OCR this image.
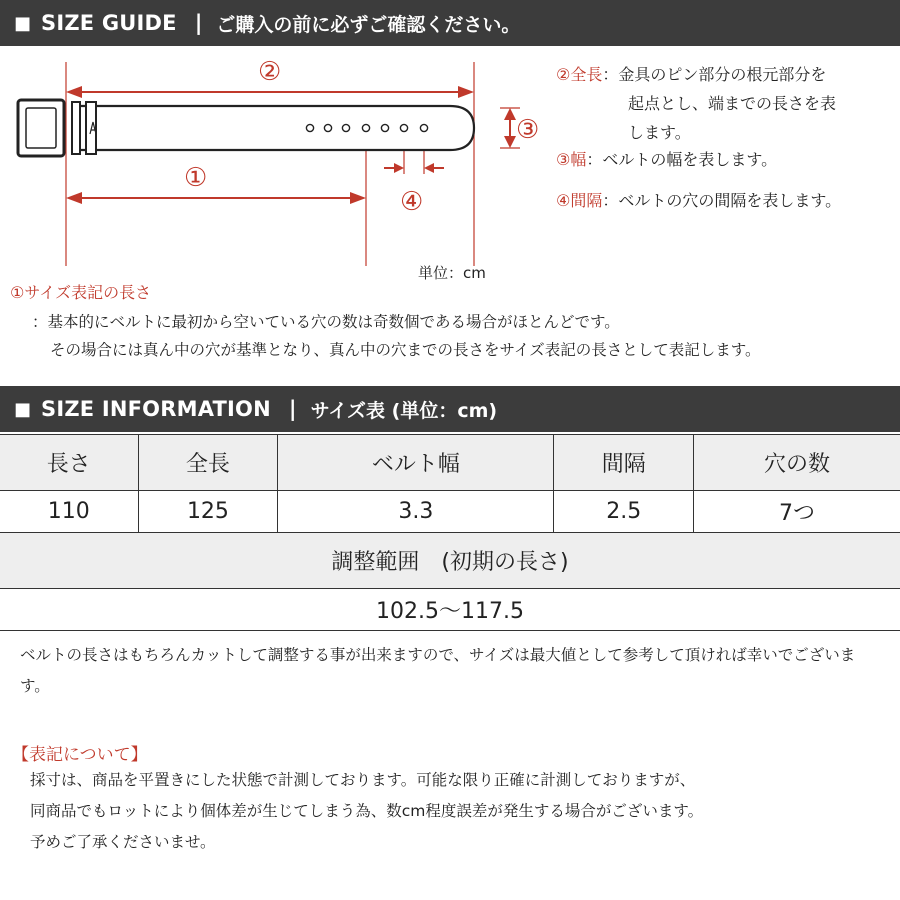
■ SIZE GUIDE | ご購入の前に必ずご確認ください。
②
①
③
④
②全長：金具のピン部分の根元部分を
起点とし、端までの長さを表
します。
③幅：ベルトの幅を表します。
④間隔：ベルトの穴の間隔を表します。
単位：cm
①サイズ表記の長さ
：基本的にベルトに最初から空いている穴の数は奇数個である場合がほとんどです。
その場合には真ん中の穴が基準となり、真ん中の穴までの長さをサイズ表記の長さとして表記します。
■ SIZE INFORMATION | サイズ表 (単位：cm)
長さ	全長	ベルト幅	間隔	穴の数
110	125	3.3	2.5	7つ
調整範囲　(初期の長さ)				
102.5〜117.5				
ベルトの長さはもちろんカットして調整する事が出来ますので、サイズは最大値として参考して頂ければ幸いでございます。
【表記について】
採寸は、商品を平置きにした状態で計測しております。可能な限り正確に計測しておりますが、
同商品でもロットにより個体差が生じてしまう為、数cm程度誤差が発生する場合がございます。
予めご了承くださいませ。
